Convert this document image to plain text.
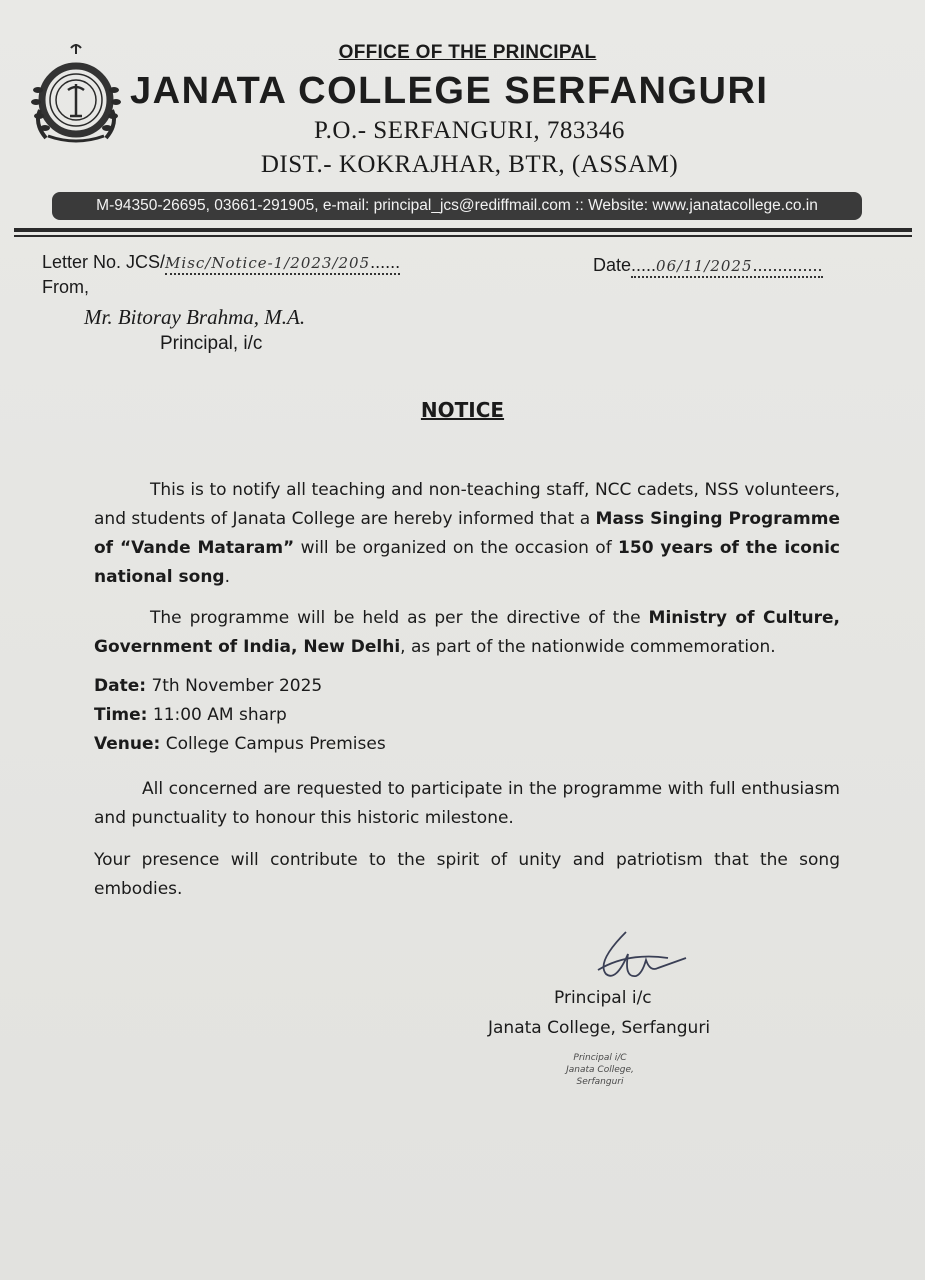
OFFICE OF THE PRINCIPAL
JANATA COLLEGE SERFANGURI
P.O.- SERFANGURI, 783346
DIST.- KOKRAJHAR, BTR, (ASSAM)
M-94350-26695, 03661-291905, e-mail: principal_jcs@rediffmail.com :: Website: www.janatacollege.co.in
Letter No. JCS/Misc/Notice-1/2023/205......	Date.....06/11/2025..............
From,
Mr. Bitoray Brahma, M.A.
Principal, i/c
NOTICE
This is to notify all teaching and non-teaching staff, NCC cadets, NSS volunteers, and students of Janata College are hereby informed that a Mass Singing Programme of “Vande Mataram” will be organized on the occasion of 150 years of the iconic national song.
The programme will be held as per the directive of the Ministry of Culture, Government of India, New Delhi, as part of the nationwide commemoration.
Date: 7th November 2025
Time: 11:00 AM sharp
Venue: College Campus Premises
All concerned are requested to participate in the programme with full enthusiasm and punctuality to honour this historic milestone.
Your presence will contribute to the spirit of unity and patriotism that the song embodies.
Principal i/c
Janata College, Serfanguri
Principal i/C
Janata College,
Serfanguri
